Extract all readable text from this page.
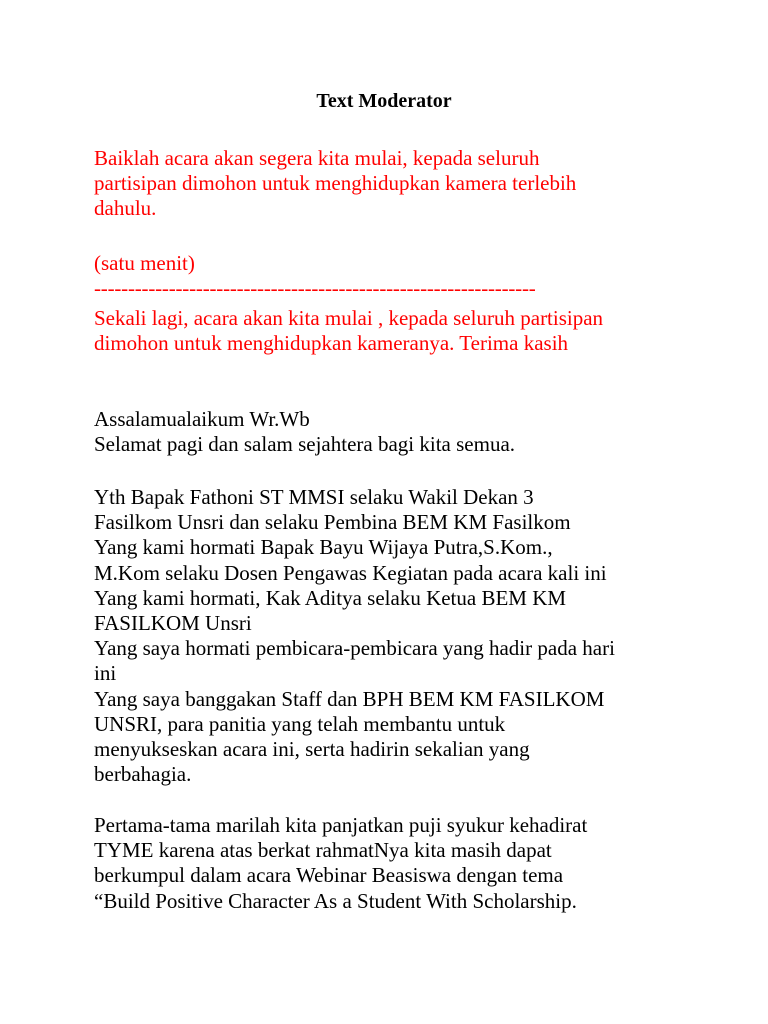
Text Moderator
Baiklah acara akan segera kita mulai, kepada seluruh
partisipan dimohon untuk menghidupkan kamera terlebih
dahulu.
(satu menit)
-----------------------------------------------------------------
Sekali lagi, acara akan kita mulai , kepada seluruh partisipan
dimohon untuk menghidupkan kameranya. Terima kasih
Assalamualaikum Wr.Wb
Selamat pagi dan salam sejahtera bagi kita semua.
Yth Bapak Fathoni ST MMSI selaku Wakil Dekan 3
Fasilkom Unsri dan selaku Pembina BEM KM Fasilkom
Yang kami hormati Bapak Bayu Wijaya Putra,S.Kom.,
M.Kom selaku Dosen Pengawas Kegiatan pada acara kali ini
Yang kami hormati, Kak Aditya selaku Ketua BEM KM
FASILKOM Unsri
Yang saya hormati pembicara-pembicara yang hadir pada hari
ini
Yang saya banggakan Staff dan BPH BEM KM FASILKOM
UNSRI, para panitia yang telah membantu untuk
menyukseskan acara ini, serta hadirin sekalian yang
berbahagia.
Pertama-tama marilah kita panjatkan puji syukur kehadirat
TYME karena atas berkat rahmatNya kita masih dapat
berkumpul dalam acara Webinar Beasiswa dengan tema
“Build Positive Character As a Student With Scholarship.
